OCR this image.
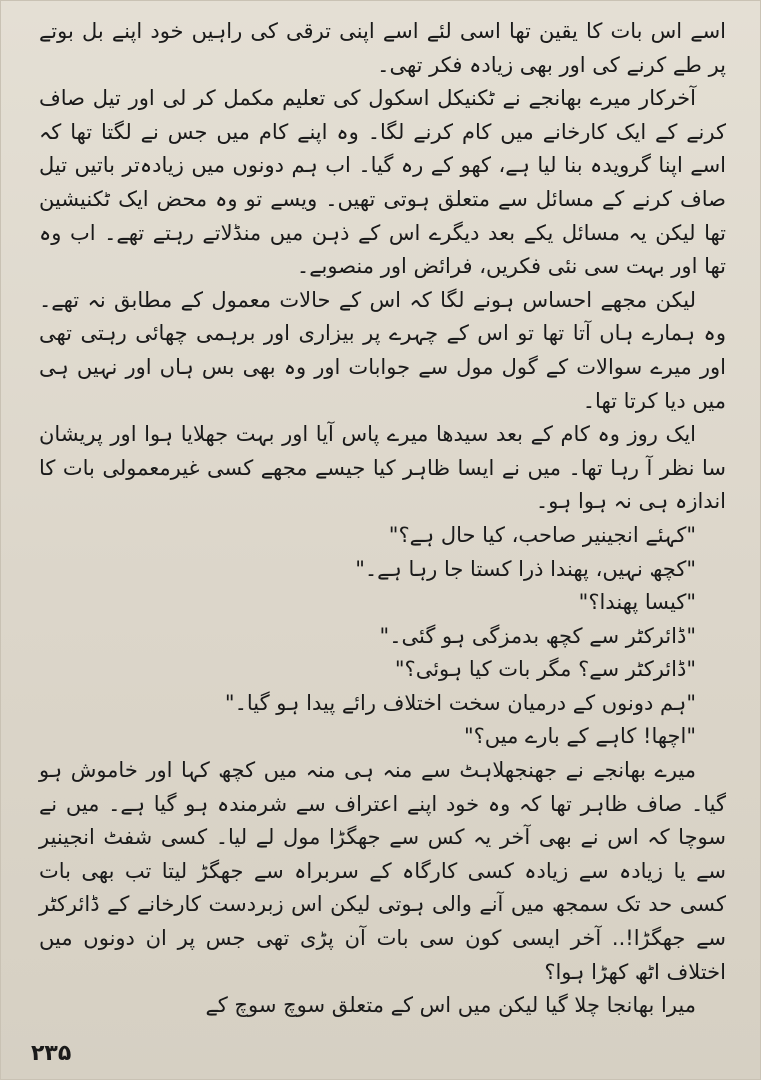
اسے اس بات کا یقین تھا اسی لئے اسے اپنی ترقی کی راہیں خود اپنے بل بوتے پر طے کرنے کی اور بھی زیادہ فکر تھی۔

آخرکار میرے بھانجے نے ٹکنیکل اسکول کی تعلیم مکمل کر لی اور تیل صاف کرنے کے ایک کارخانے میں کام کرنے لگا۔ وہ اپنے کام میں جس نے لگتا تھا کہ اسے اپنا گرویدہ بنا لیا ہے، کھو کے رہ گیا۔ اب ہم دونوں میں زیادہ‌تر باتیں تیل صاف کرنے کے مسائل سے متعلق ہوتی تھیں۔ ویسے تو وہ محض ایک ٹکنیشین تھا لیکن یہ مسائل یکے بعد دیگرے اس کے ذہن میں منڈلاتے رہتے تھے۔ اب وہ تھا اور بہت سی نئی فکریں، فرائض اور منصوبے۔

لیکن مجھے احساس ہونے لگا کہ اس کے حالات معمول کے مطابق نہ تھے۔ وہ ہمارے ہاں آتا تھا تو اس کے چہرے پر بیزاری اور برہمی چھائی رہتی تھی اور میرے سوالات کے گول مول سے جوابات اور وہ بھی بس ہاں اور نہیں ہی میں دیا کرتا تھا۔

ایک روز وہ کام کے بعد سیدھا میرے پاس آیا اور بہت جھلایا ہوا اور پریشان سا نظر آ رہا تھا۔ میں نے ایسا ظاہر کیا جیسے مجھے کسی غیرمعمولی بات کا اندازہ ہی نہ ہوا ہو۔

"کہئے انجینیر صاحب، کیا حال ہے؟"

"کچھ نہیں، پھندا ذرا کستا جا رہا ہے۔"

"کیسا پھندا؟"

"ڈائرکٹر سے کچھ بدمزگی ہو گئی۔"

"ڈائرکٹر سے؟ مگر بات کیا ہوئی؟"

"ہم دونوں کے درمیان سخت اختلاف رائے پیدا ہو گیا۔"

"اچھا! کاہے کے بارے میں؟"

میرے بھانجے نے جھنجھلاہٹ سے منہ ہی منہ میں کچھ کہا اور خاموش ہو گیا۔ صاف ظاہر تھا کہ وہ خود اپنے اعتراف سے شرمندہ ہو گیا ہے۔ میں نے سوچا کہ اس نے بھی آخر یہ کس سے جھگڑا مول لے لیا۔ کسی شفٹ انجینیر سے یا زیادہ سے زیادہ کسی کارگاہ کے سربراہ سے جھگڑ لیتا تب بھی بات کسی حد تک سمجھ میں آنے والی ہوتی لیکن اس زبردست کارخانے کے ڈائرکٹر سے جھگڑا!.. آخر ایسی کون سی بات آن پڑی تھی جس پر ان دونوں میں اختلاف اٹھ کھڑا ہوا؟

میرا بھانجا چلا گیا لیکن میں اس کے متعلق سوچ سوچ کے

۲۳۵
